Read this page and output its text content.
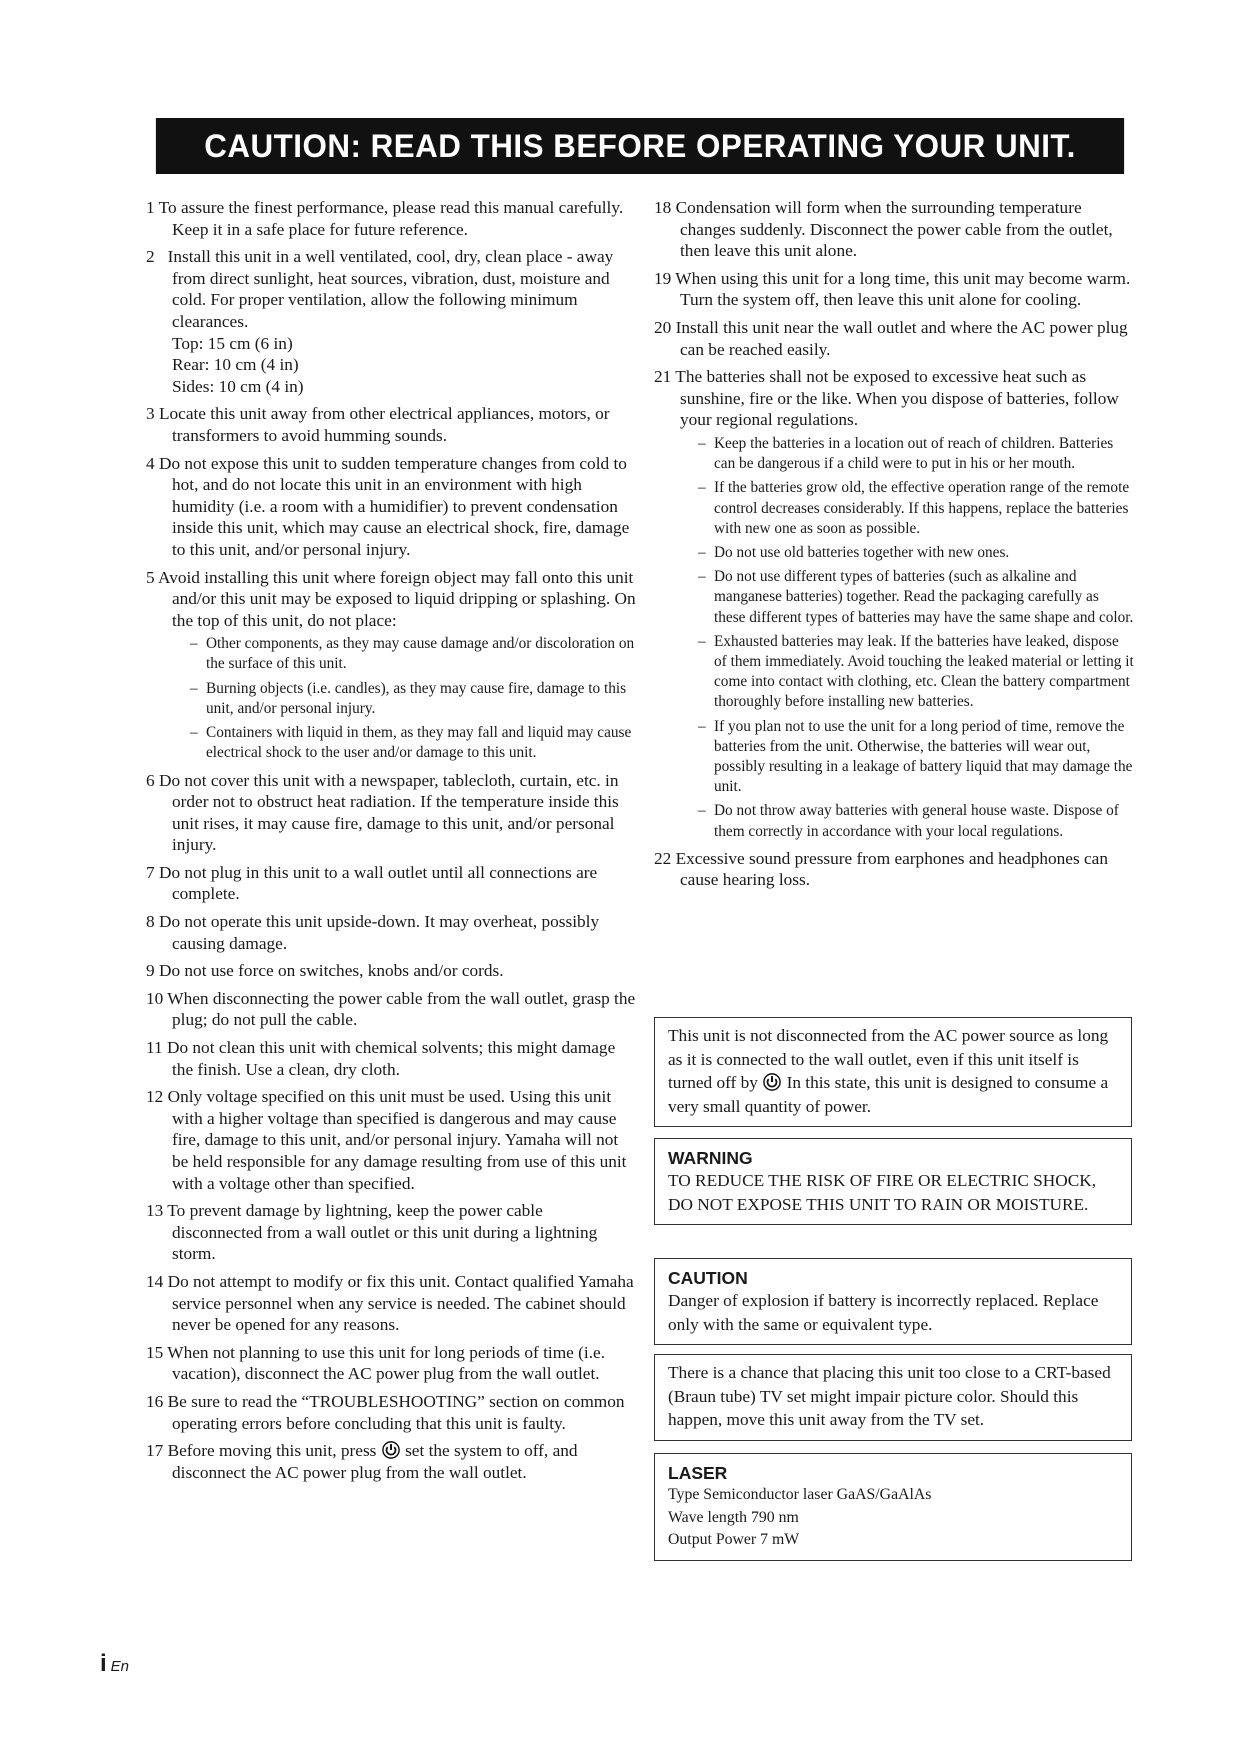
CAUTION: READ THIS BEFORE OPERATING YOUR UNIT.
1 To assure the finest performance, please read this manual carefully. Keep it in a safe place for future reference.
2 Install this unit in a well ventilated, cool, dry, clean place - away from direct sunlight, heat sources, vibration, dust, moisture and cold. For proper ventilation, allow the following minimum clearances.
Top: 15 cm (6 in)
Rear: 10 cm (4 in)
Sides: 10 cm (4 in)
3 Locate this unit away from other electrical appliances, motors, or transformers to avoid humming sounds.
4 Do not expose this unit to sudden temperature changes from cold to hot, and do not locate this unit in an environment with high humidity (i.e. a room with a humidifier) to prevent condensation inside this unit, which may cause an electrical shock, fire, damage to this unit, and/or personal injury.
5 Avoid installing this unit where foreign object may fall onto this unit and/or this unit may be exposed to liquid dripping or splashing. On the top of this unit, do not place:
– Other components, as they may cause damage and/or discoloration on the surface of this unit.
– Burning objects (i.e. candles), as they may cause fire, damage to this unit, and/or personal injury.
– Containers with liquid in them, as they may fall and liquid may cause electrical shock to the user and/or damage to this unit.
6 Do not cover this unit with a newspaper, tablecloth, curtain, etc. in order not to obstruct heat radiation. If the temperature inside this unit rises, it may cause fire, damage to this unit, and/or personal injury.
7 Do not plug in this unit to a wall outlet until all connections are complete.
8 Do not operate this unit upside-down. It may overheat, possibly causing damage.
9 Do not use force on switches, knobs and/or cords.
10 When disconnecting the power cable from the wall outlet, grasp the plug; do not pull the cable.
11 Do not clean this unit with chemical solvents; this might damage the finish. Use a clean, dry cloth.
12 Only voltage specified on this unit must be used. Using this unit with a higher voltage than specified is dangerous and may cause fire, damage to this unit, and/or personal injury. Yamaha will not be held responsible for any damage resulting from use of this unit with a voltage other than specified.
13 To prevent damage by lightning, keep the power cable disconnected from a wall outlet or this unit during a lightning storm.
14 Do not attempt to modify or fix this unit. Contact qualified Yamaha service personnel when any service is needed. The cabinet should never be opened for any reasons.
15 When not planning to use this unit for long periods of time (i.e. vacation), disconnect the AC power plug from the wall outlet.
16 Be sure to read the “TROUBLESHOOTING” section on common operating errors before concluding that this unit is faulty.
17 Before moving this unit, press set the system to off, and disconnect the AC power plug from the wall outlet.
18 Condensation will form when the surrounding temperature changes suddenly. Disconnect the power cable from the outlet, then leave this unit alone.
19 When using this unit for a long time, this unit may become warm. Turn the system off, then leave this unit alone for cooling.
20 Install this unit near the wall outlet and where the AC power plug can be reached easily.
21 The batteries shall not be exposed to excessive heat such as sunshine, fire or the like. When you dispose of batteries, follow your regional regulations.
– Keep the batteries in a location out of reach of children. Batteries can be dangerous if a child were to put in his or her mouth.
– If the batteries grow old, the effective operation range of the remote control decreases considerably. If this happens, replace the batteries with new one as soon as possible.
– Do not use old batteries together with new ones.
– Do not use different types of batteries (such as alkaline and manganese batteries) together. Read the packaging carefully as these different types of batteries may have the same shape and color.
– Exhausted batteries may leak. If the batteries have leaked, dispose of them immediately. Avoid touching the leaked material or letting it come into contact with clothing, etc. Clean the battery compartment thoroughly before installing new batteries.
– If you plan not to use the unit for a long period of time, remove the batteries from the unit. Otherwise, the batteries will wear out, possibly resulting in a leakage of battery liquid that may damage the unit.
– Do not throw away batteries with general house waste. Dispose of them correctly in accordance with your local regulations.
22 Excessive sound pressure from earphones and headphones can cause hearing loss.

This unit is not disconnected from the AC power source as long as it is connected to the wall outlet, even if this unit itself is turned off by In this state, this unit is designed to consume a very small quantity of power.

WARNING

TO REDUCE THE RISK OF FIRE OR ELECTRIC SHOCK, DO NOT EXPOSE THIS UNIT TO RAIN OR MOISTURE.

CAUTION

Danger of explosion if battery is incorrectly replaced. Replace only with the same or equivalent type.

There is a chance that placing this unit too close to a CRT-based (Braun tube) TV set might impair picture color. Should this happen, move this unit away from the TV set.

LASER

Type Semiconductor laser GaAS/GaAlAs

Wave length 790 nm

Output Power 7 mW

i En
